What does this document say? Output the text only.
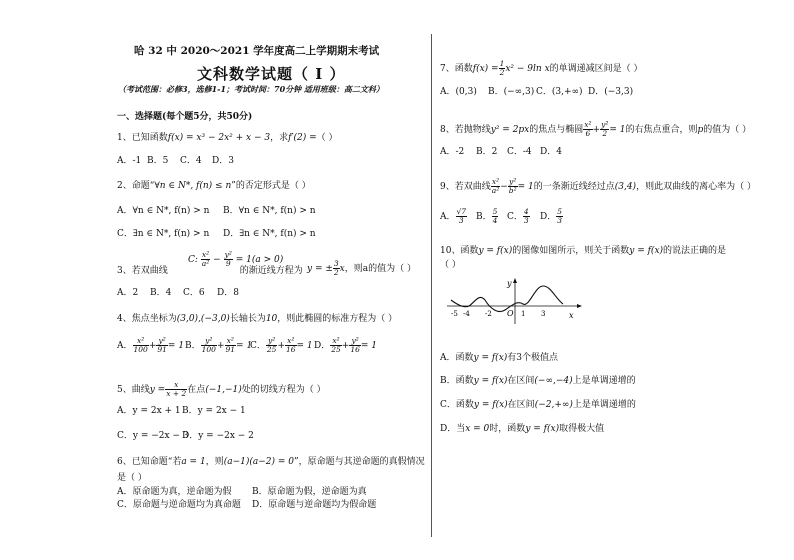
哈 32 中 2020～2021 学年度高二上学期期末考试
文科数学试题（ I ）
（考试范围：必修3，选修1-1；考试时间：70分钟 适用班级：高二文科）
一、选择题(每个题5分，共50分)
1、已知函数f(x) = x³ − 2x² + x − 3，求f′(2) =（ ）
A．-1 B．5 C．4 D．3
2、命题“∀n ∈ N*, f(n) ≤ n”的否定形式是（ ）
A．∀n ∈ N*, f(n) > n B．∀n ∈ N*, f(n) > n
C．∃n ∈ N*, f(n) > n D．∃n ∈ N*, f(n) > n
C: $\frac{\text{x²}}{\text{a²}} - \frac{\text{y²}}{9} = 1(a > 0)$
3、若双曲线	的渐近线方程为 y = ± $\frac{3}{2}$ x，则a的值为（ ）
A．2 B．4 C．6 D．8
4、焦点坐标为(3,0),(−3,0)长轴长为10，则此椭圆的标准方程为（ ）
A． $\frac{\text{x²}}{100} + \frac{\text{y²}}{91} = 1$ B． $\frac{\text{y²}}{100} + \frac{\text{x²}}{91} = 1$
C． $\frac{\text{y²}}{25} + \frac{\text{x²}}{16} = 1$ D． $\frac{\text{x²}}{25} + \frac{\text{y²}}{16} = 1$
5、曲线$y = \frac{x}{x + 2}$ 在点(−1,−1)处的切线方程为（ ）
A．y = 2x + 1 B．y = 2x − 1
C．y = −2x − 3
D．y = −2x − 2
6、已知命题“若a = 1，则(a−1)(a−2) = 0”，原命题与其逆命题的真假情况
是（ ）
A．原命题为真，逆命题为假 B．原命题为假，逆命题为真
C．原命题与逆命题均为真命题 D．原命题与逆命题均为假命题
7、函数$f(x) = \frac{1}{2} x^2 - 9\ln$ x的单调递减区间是（ ）
A．(0,3) B．(−∞,3) C．(3,+∞) D．(−3,3)
8、若抛物线y² = 2px的焦点与椭圆 $\frac{\text{x²}}{6} + \frac{\text{y²}}{2} = 1$的右焦点重合，则p的值为（ ）
A．-2 B．2 C．-4 D．4
9、若双曲线 $\frac{\text{x²}}{\text{a²}} - \frac{\text{y²}}{\text{b²}} = 1$的一条渐近线经过点(3,4)，则此双曲线的离心率为（ ）
A． $\frac{√7}{3}$ B． $\frac{5}{4}$ C． $\frac{4}{3}$ D． $\frac{5}{3}$
10、函数y = f(x)的图像如图所示，则关于函数y = f(x)的说法正确的是
（ ）
y
x
O
-5 -4 -2	1 3
A．函数y = f(x)有3个极值点
B．函数y = f(x)在区间(−∞,−4)上是单调递增的
C．函数y = f(x)在区间(−2,+∞)上是单调递增的
D．当x = 0时，函数y = f(x)取得极大值
